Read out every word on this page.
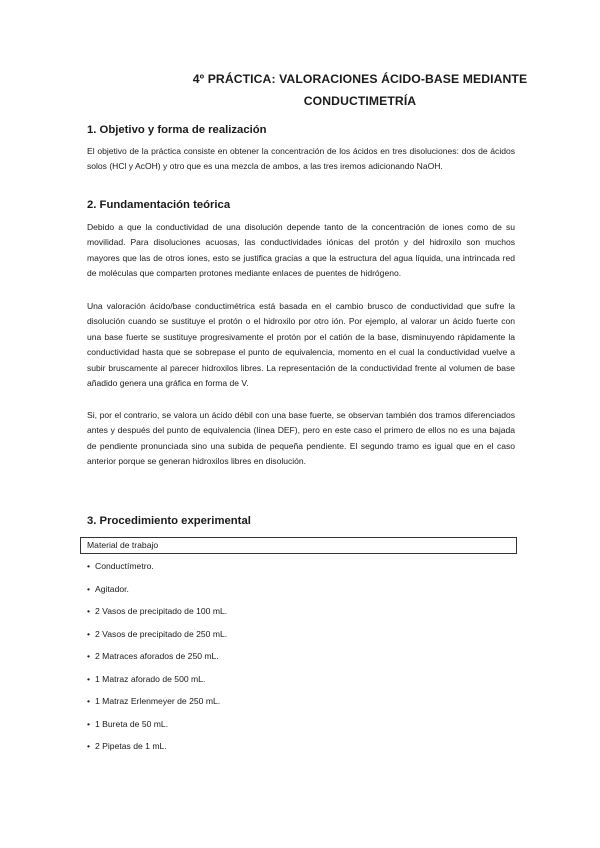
4º PRÁCTICA: VALORACIONES ÁCIDO-BASE MEDIANTE
CONDUCTIMETRÍA
1. Objetivo y forma de realización

El objetivo de la práctica consiste en obtener la concentración de los ácidos en tres disoluciones: dos de ácidos solos (HCl y AcOH) y otro que es una mezcla de ambos, a las tres iremos adicionando NaOH.

2. Fundamentación teórica

Debido a que la conductividad de una disolución depende tanto de la concentración de iones como de su movilidad. Para disoluciones acuosas, las conductividades iónicas del protón y del hidroxilo son muchos mayores que las de otros iones, esto se justifica gracias a que la estructura del agua líquida, una intrincada red de moléculas que comparten protones mediante enlaces de puentes de hidrógeno.

Una valoración ácido/base conductimétrica está basada en el cambio brusco de conductividad que sufre la disolución cuando se sustituye el protón o el hidroxilo por otro ión. Por ejemplo, al valorar un ácido fuerte con una base fuerte se sustituye progresivamente el protón por el catión de la base, disminuyendo rápidamente la conductividad hasta que se sobrepase el punto de equivalencia, momento en el cual la conductividad vuelve a subir bruscamente al parecer hidroxilos libres. La representación de la conductividad frente al volumen de base añadido genera una gráfica en forma de V.

Si, por el contrario, se valora un ácido débil con una base fuerte, se observan también dos tramos diferenciados antes y después del punto de equivalencia (línea DEF), pero en este caso el primero de ellos no es una bajada de pendiente pronunciada sino una subida de pequeña pendiente. El segundo tramo es igual que en el caso anterior porque se generan hidroxilos libres en disolución.

3. Procedimiento experimental
Material de trabajo
• Conductímetro.
• Agitador.
• 2 Vasos de precipitado de 100 mL.
• 2 Vasos de precipitado de 250 mL.
• 2 Matraces aforados de 250 mL.
• 1 Matraz aforado de 500 mL.
• 1 Matraz Erlenmeyer de 250 mL.
• 1 Bureta de 50 mL.
• 2 Pipetas de 1 mL.
